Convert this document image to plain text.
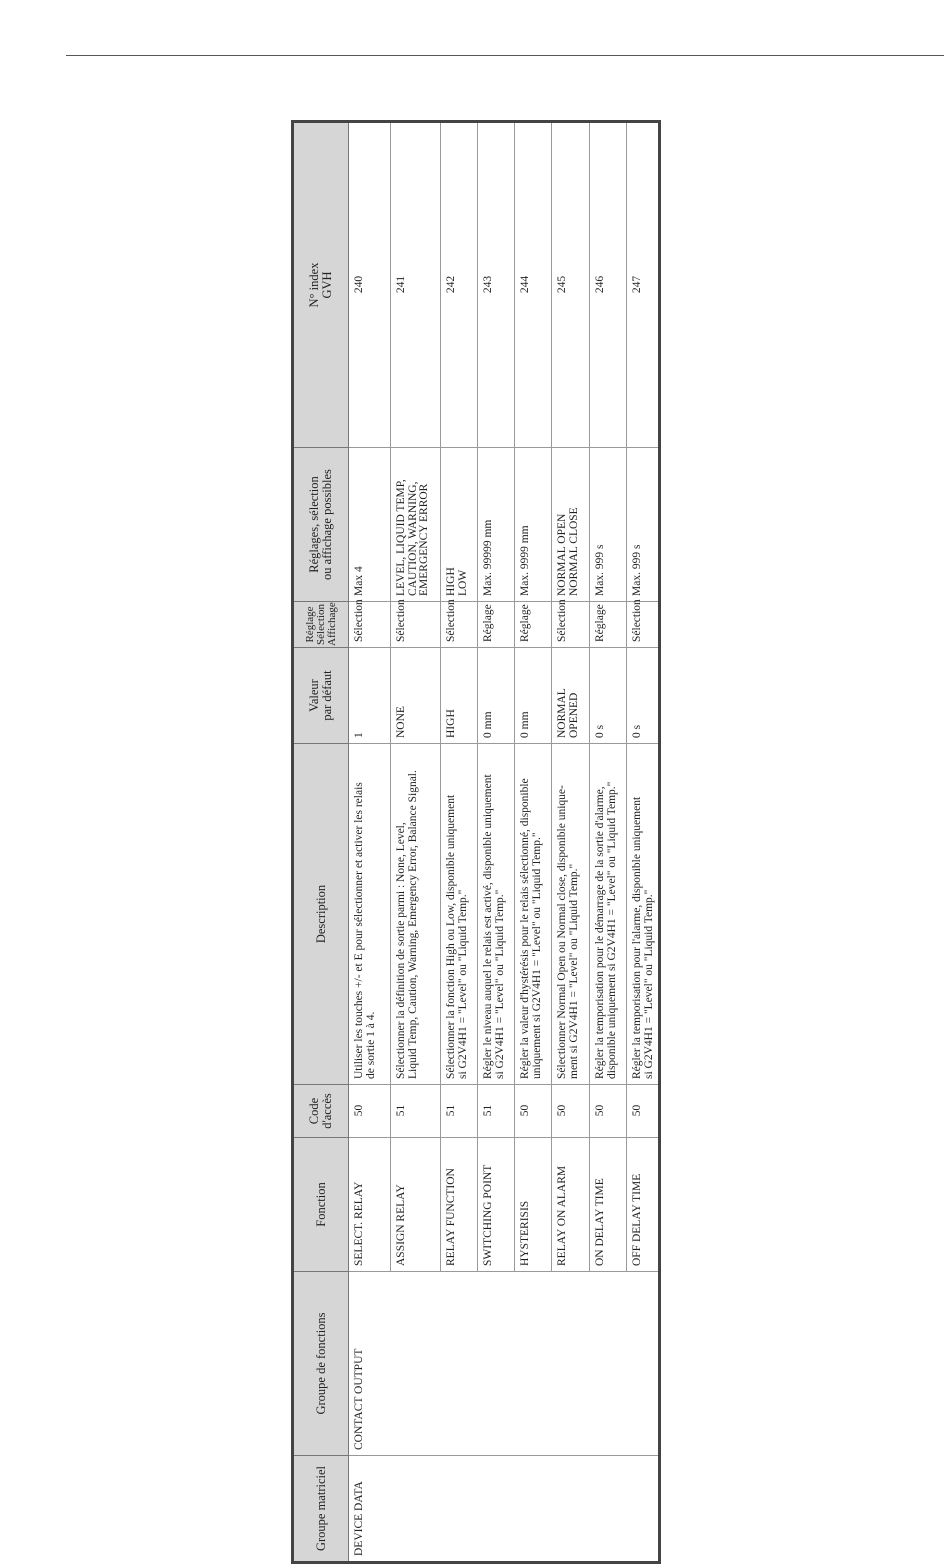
Groupe matriciel	Groupe de fonctions	Fonction	Code
d'accès	Description	Valeur
par défaut	Réglage
Sélection
Affichage	Réglages, sélection
ou affichage possibles	N° index
GVH
DEVICE DATA	CONTACT OUTPUT	SELECT. RELAY	50	Utiliser les touches +/- et E pour sélectionner et activer les relais
de sortie 1 à 4.	1	Sélection	Max 4	240
		ASSIGN RELAY	51	Sélectionner la définition de sortie parmi : None, Level,
Liquid Temp, Caution, Warning, Emergency Error, Balance Signal.	NONE	Sélection	LEVEL, LIQUID TEMP,
CAUTION, WARNING,
EMERGENCY ERROR	241
		RELAY FUNCTION	51	Sélectionner la fonction High ou Low, disponible uniquement
si G2V4H1 = "Level" ou "Liquid Temp."	HIGH	Sélection	HIGH
LOW	242
		SWITCHING POINT	51	Régler le niveau auquel le relais est activé, disponible uniquement
si G2V4H1 = "Level" ou "Liquid Temp."	0 mm	Réglage	Max. 99999 mm	243
		HYSTERISIS	50	Régler la valeur d'hystérésis pour le relais sélectionné, disponible
uniquement si G2V4H1 = "Level" ou "Liquid Temp."	0 mm	Réglage	Max. 9999 mm	244
		RELAY ON ALARM	50	Sélectionner Normal Open ou Normal close, disponible unique-
ment si G2V4H1 = "Level" ou "Liquid Temp."	NORMAL
OPENED	Sélection	NORMAL OPEN
NORMAL CLOSE	245
		ON DELAY TIME	50	Régler la temporisation pour le démarrage de la sortie d'alarme,
disponible uniquement si G2V4H1 = "Level" ou "Liquid Temp."	0 s	Réglage	Max. 999 s	246
		OFF DELAY TIME	50	Régler la temporisation pour l'alarme, disponible uniquement
si G2V4H1 = "Level" ou "Liquid Temp."	0 s	Sélection	Max. 999 s	247
